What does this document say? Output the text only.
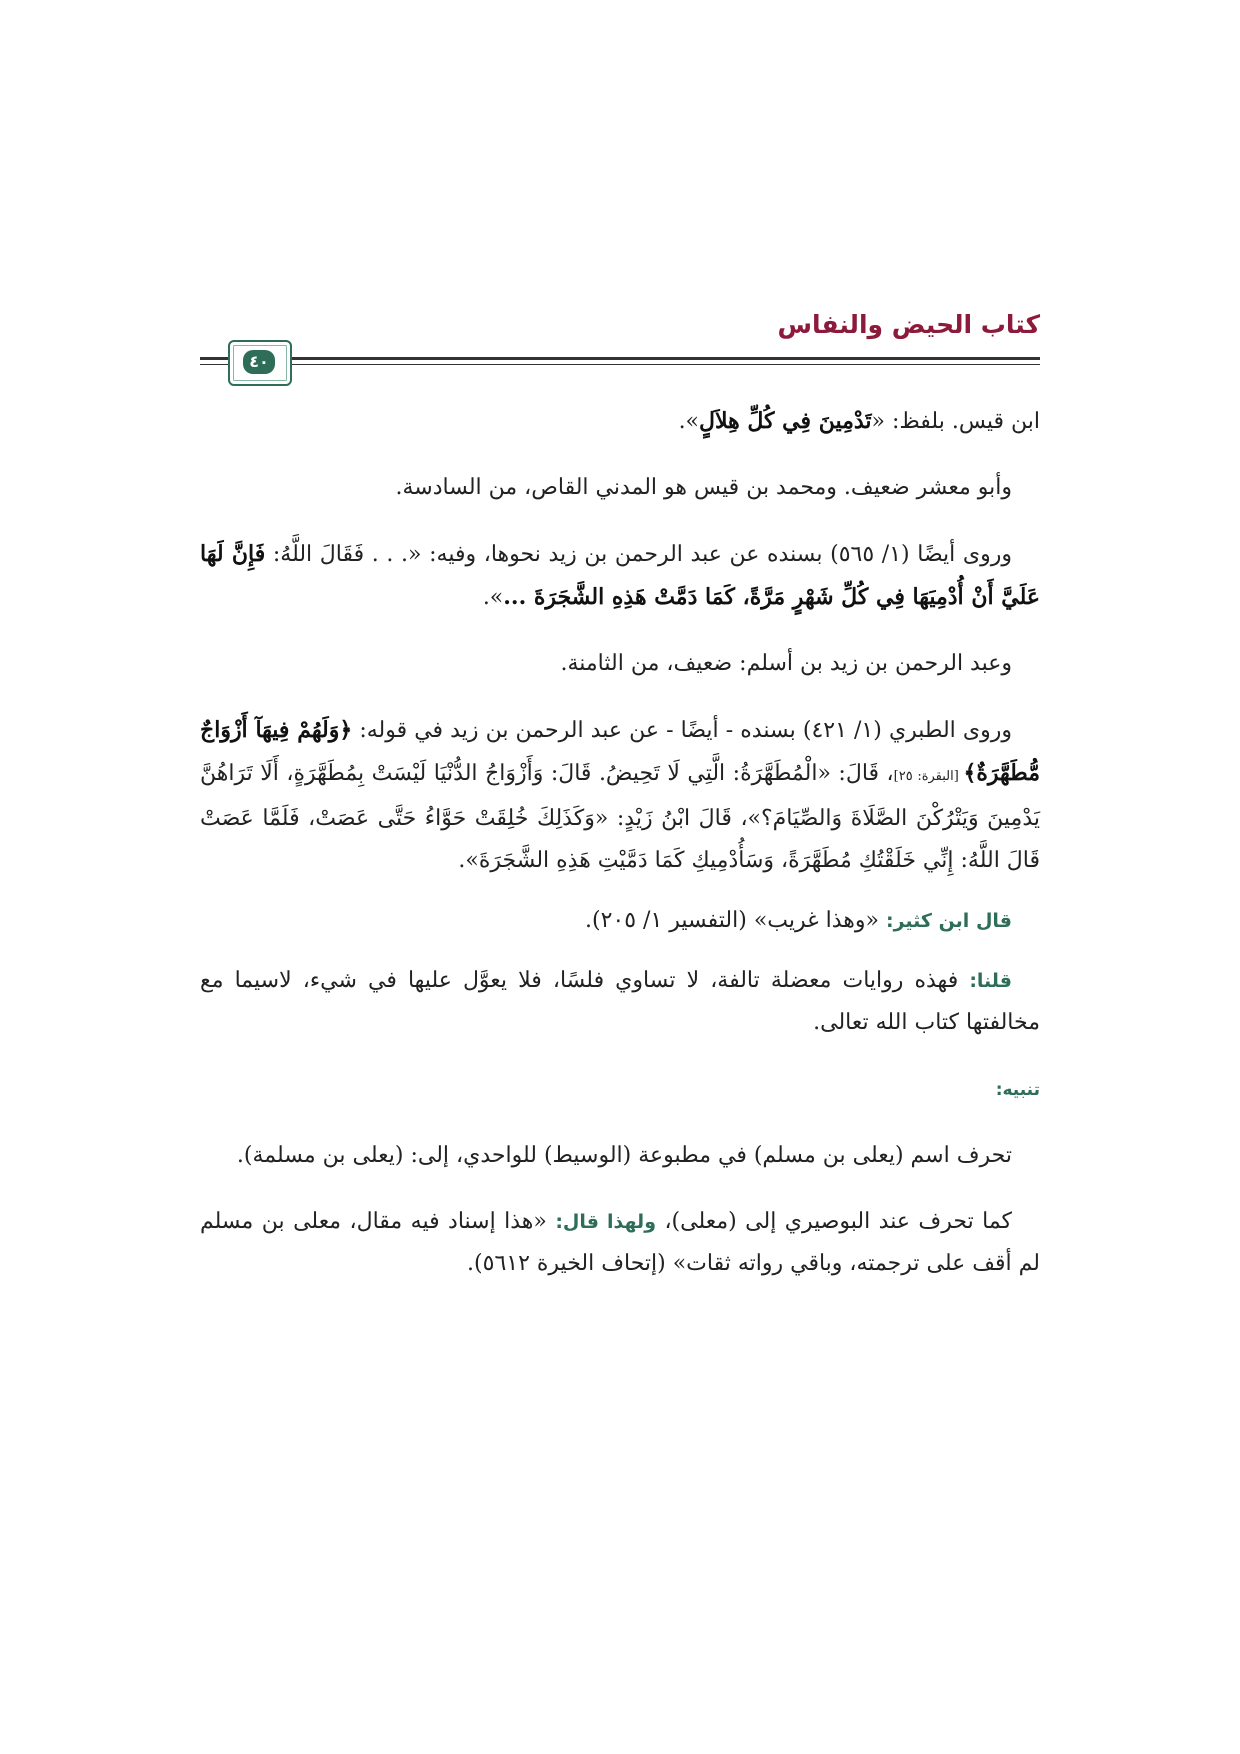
كتاب الحيض والنفاس
٤٠

ابن قيس. بلفظ: «تَدْمِينَ فِي كُلِّ هِلاَلٍ».

وأبو معشر ضعيف. ومحمد بن قيس هو المدني القاص، من السادسة.

وروى أيضًا (١/ ٥٦٥) بسنده عن عبد الرحمن بن زيد نحوها، وفيه: «. . . فَقَالَ اللَّهُ: فَإِنَّ لَهَا عَلَيَّ أَنْ أُدْمِيَهَا فِي كُلِّ شَهْرٍ مَرَّةً، كَمَا دَمَّتْ هَذِهِ الشَّجَرَةَ ...».

وعبد الرحمن بن زيد بن أسلم: ضعيف، من الثامنة.

وروى الطبري (١/ ٤٢١) بسنده - أيضًا - عن عبد الرحمن بن زيد في قوله: ﴿وَلَهُمْ فِيهَآ أَزْوَاجٌ مُّطَهَّرَةٌ﴾ [البقرة: ٢٥]، قَالَ: «الْمُطَهَّرَةُ: الَّتِي لَا تَحِيضُ. قَالَ: وَأَزْوَاجُ الدُّنْيَا لَيْسَتْ بِمُطَهَّرَةٍ، أَلَا تَرَاهُنَّ يَدْمِينَ وَيَتْرُكْنَ الصَّلَاةَ وَالصِّيَامَ؟»، قَالَ ابْنُ زَيْدٍ: «وَكَذَلِكَ خُلِقَتْ حَوَّاءُ حَتَّى عَصَتْ، فَلَمَّا عَصَتْ قَالَ اللَّهُ: إِنِّي خَلَقْتُكِ مُطَهَّرَةً، وَسَأُدْمِيكِ كَمَا دَمَّيْتِ هَذِهِ الشَّجَرَةَ».

قال ابن كثير: «وهذا غريب» (التفسير ١/ ٢٠٥).

قلنا: فهذه روايات معضلة تالفة، لا تساوي فلسًا، فلا يعوَّل عليها في شيء، لاسيما مع مخالفتها كتاب الله تعالى.

تنبيه:

تحرف اسم (يعلى بن مسلم) في مطبوعة (الوسيط) للواحدي، إلى: (يعلى بن مسلمة).

كما تحرف عند البوصيري إلى (معلى)، ولهذا قال: «هذا إسناد فيه مقال، معلى بن مسلم لم أقف على ترجمته، وباقي رواته ثقات» (إتحاف الخيرة ٥٦١٢).
